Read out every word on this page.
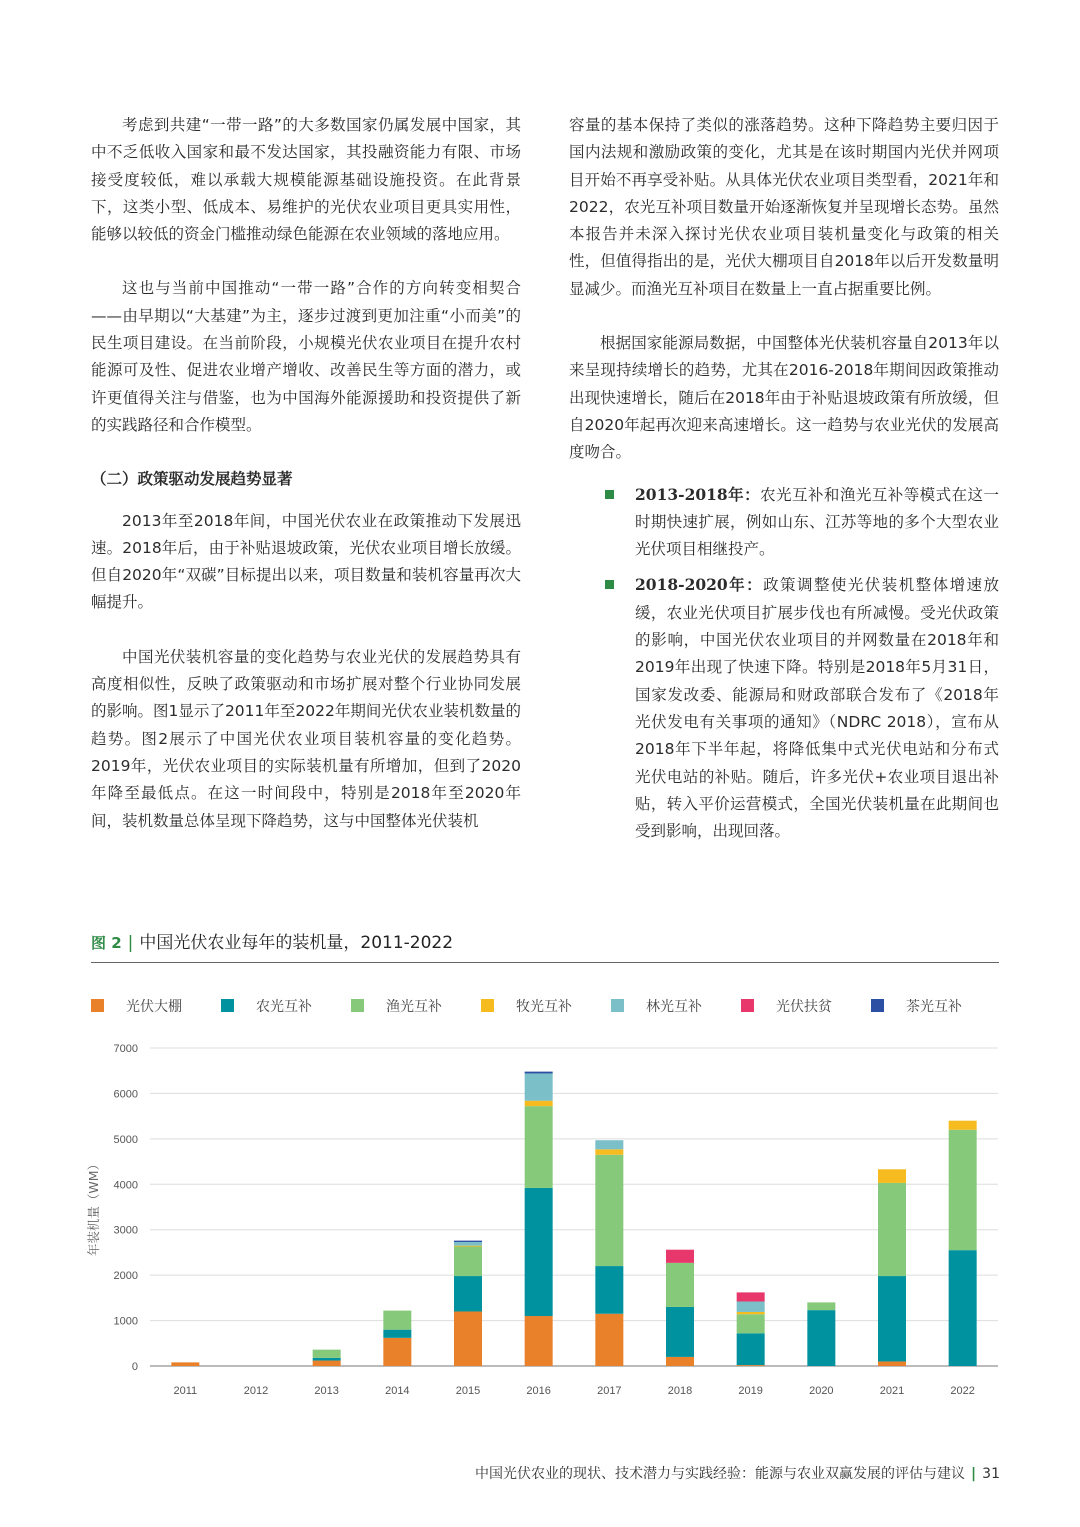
考虑到共建“一带一路”的大多数国家仍属发展中国家，其中不乏低收入国家和最不发达国家，其投融资能力有限、市场接受度较低，难以承载大规模能源基础设施投资。在此背景下，这类小型、低成本、易维护的光伏农业项目更具实用性，能够以较低的资金门槛推动绿色能源在农业领域的落地应用。

这也与当前中国推动“一带一路”合作的方向转变相契合——由早期以“大基建”为主，逐步过渡到更加注重“小而美”的民生项目建设。在当前阶段，小规模光伏农业项目在提升农村能源可及性、促进农业增产增收、改善民生等方面的潜力，或许更值得关注与借鉴，也为中国海外能源援助和投资提供了新的实践路径和合作模型。

（二）政策驱动发展趋势显著

2013年至2018年间，中国光伏农业在政策推动下发展迅速。2018年后，由于补贴退坡政策，光伏农业项目增长放缓。但自2020年“双碳”目标提出以来，项目数量和装机容量再次大幅提升。

中国光伏装机容量的变化趋势与农业光伏的发展趋势具有高度相似性，反映了政策驱动和市场扩展对整个行业协同发展的影响。图1显示了2011年至2022年期间光伏农业装机数量的趋势。图2展示了中国光伏农业项目装机容量的变化趋势。2019年，光伏农业项目的实际装机量有所增加，但到了2020年降至最低点。在这一时间段中，特别是2018年至2020年间，装机数量总体呈现下降趋势，这与中国整体光伏装机

容量的基本保持了类似的涨落趋势。这种下降趋势主要归因于国内法规和激励政策的变化，尤其是在该时期国内光伏并网项目开始不再享受补贴。从具体光伏农业项目类型看，2021年和2022，农光互补项目数量开始逐渐恢复并呈现增长态势。虽然本报告并未深入探讨光伏农业项目装机量变化与政策的相关性，但值得指出的是，光伏大棚项目自2018年以后开发数量明显减少。而渔光互补项目在数量上一直占据重要比例。

根据国家能源局数据，中国整体光伏装机容量自2013年以来呈现持续增长的趋势，尤其在2016-2018年期间因政策推动出现快速增长，随后在2018年由于补贴退坡政策有所放缓，但自2020年起再次迎来高速增长。这一趋势与农业光伏的发展高度吻合。

2013-2018年：农光互补和渔光互补等模式在这一时期快速扩展，例如山东、江苏等地的多个大型农业光伏项目相继投产。

2018-2020年：政策调整使光伏装机整体增速放缓，农业光伏项目扩展步伐也有所减慢。受光伏政策的影响，中国光伏农业项目的并网数量在2018年和2019年出现了快速下降。特别是2018年5月31日，国家发改委、能源局和财政部联合发布了《2018年光伏发电有关事项的通知》（NDRC 2018），宣布从2018年下半年起，将降低集中式光伏电站和分布式光伏电站的补贴。随后，许多光伏+农业项目退出补贴，转入平价运营模式，全国光伏装机量在此期间也受到影响，出现回落。

图 2 | 中国光伏农业每年的装机量，2011-2022
光伏大棚	农光互补	渔光互补	牧光互补	林光互补	光伏扶贫	茶光互补
0
1000
2000
3000
4000
5000
6000
7000
年装机量（WM）
2011	2012	2013	2014	2015	2016	2017	2018	2019	2020	2021	2022
中国光伏农业的现状、技术潜力与实践经验：能源与农业双赢发展的评估与建议 | 31
